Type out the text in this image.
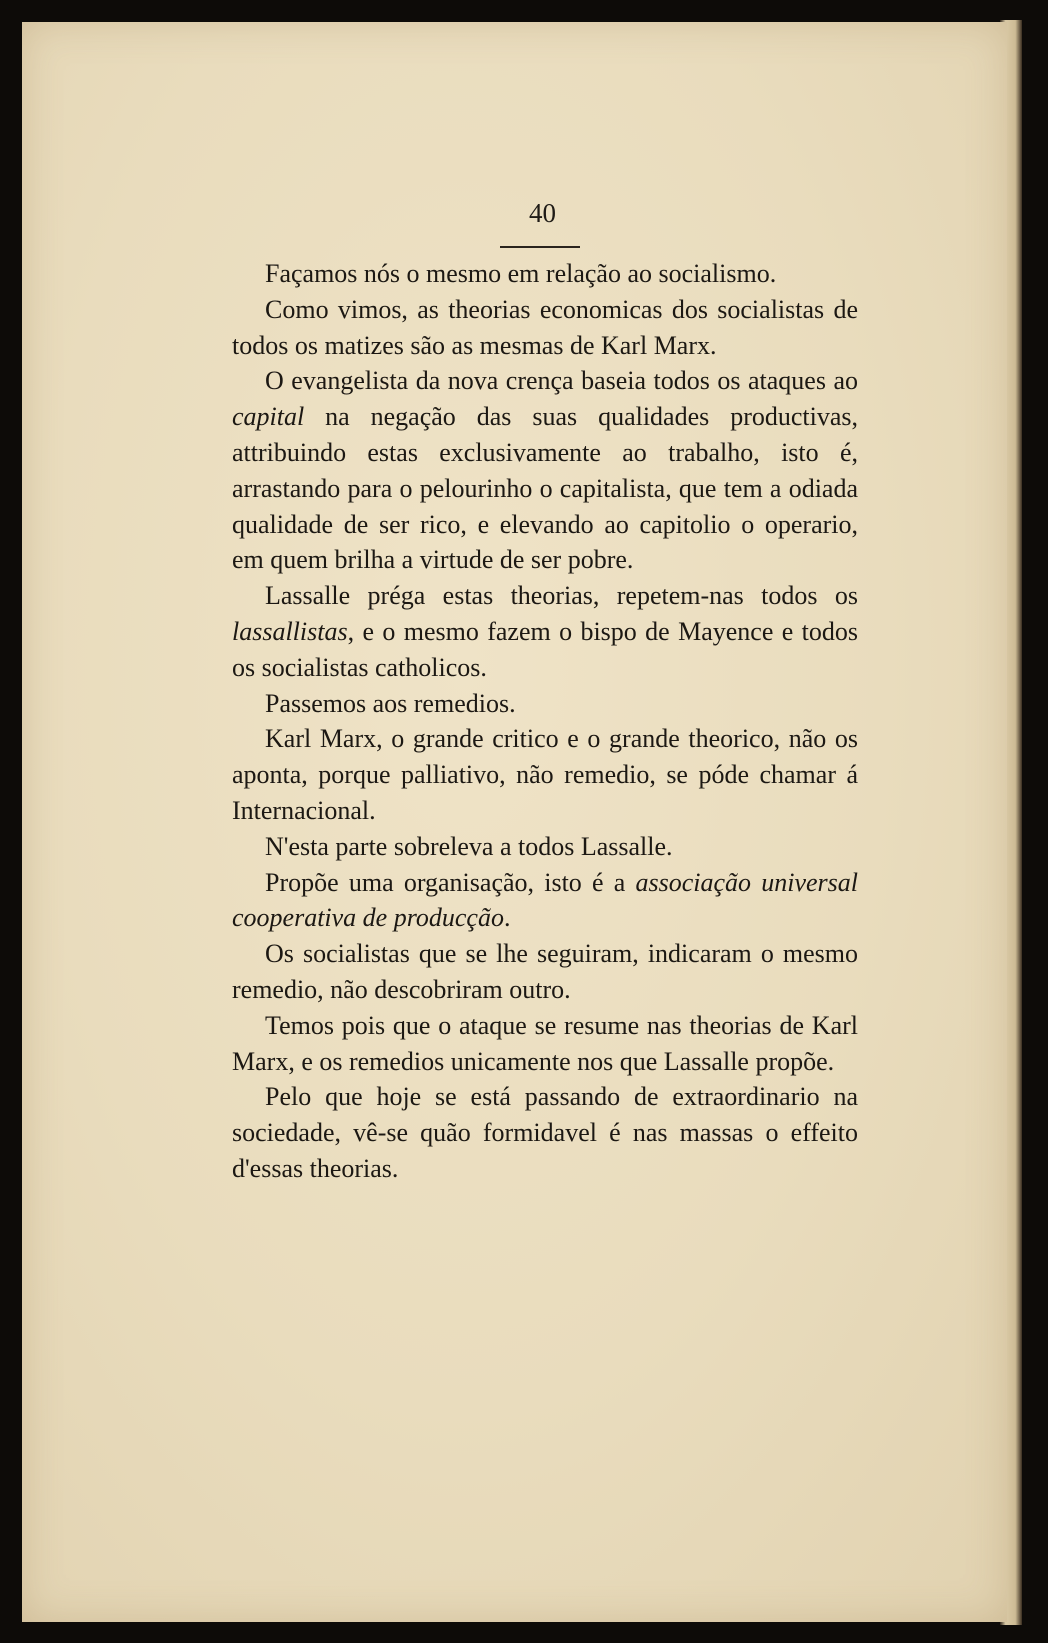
40

Façamos nós o mesmo em relação ao socialismo.

Como vimos, as theorias economicas dos socialistas de todos os matizes são as mesmas de Karl Marx.

O evangelista da nova crença baseia todos os ataques ao capital na negação das suas qualidades productivas, attribuindo estas exclusivamente ao trabalho, isto é, arrastando para o pelourinho o capitalista, que tem a odiada qualidade de ser rico, e elevando ao capitolio o operario, em quem brilha a virtude de ser pobre.

Lassalle préga estas theorias, repetem-nas todos os lassallistas, e o mesmo fazem o bispo de Mayence e todos os socialistas catholicos.

Passemos aos remedios.

Karl Marx, o grande critico e o grande theorico, não os aponta, porque palliativo, não remedio, se póde chamar á Internacional.

N'esta parte sobreleva a todos Lassalle.

Propõe uma organisação, isto é a associação universal cooperativa de producção.

Os socialistas que se lhe seguiram, indicaram o mesmo remedio, não descobriram outro.

Temos pois que o ataque se resume nas theorias de Karl Marx, e os remedios unicamente nos que Lassalle propõe.

Pelo que hoje se está passando de extraordinario na sociedade, vê-se quão formidavel é nas massas o effeito d'essas theorias.
